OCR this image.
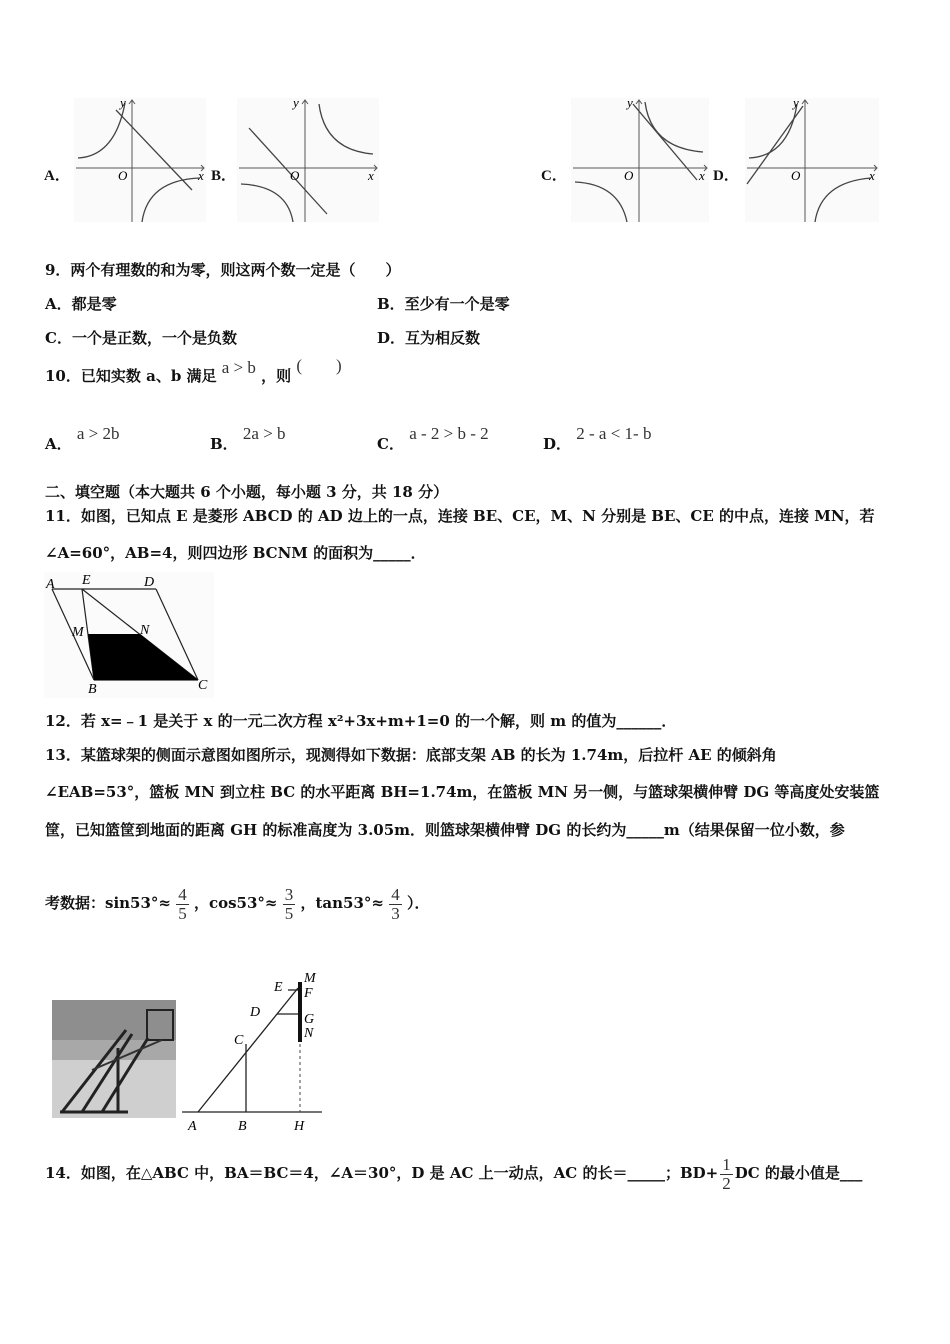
A．
y
x
O	B．
y
x
O	C．
y
x
O	D．
y
x
O
9．两个有理数的和为零，则这两个数一定是（　　）
A．都是零	B．至少有一个是零
C．一个是正数，一个是负数	D．互为相反数
10．已知实数 a、b 满足 a > b ，则 (　　)
A． a > 2b
B． 2a > b
C． a - 2 > b - 2
D． 2 - a < 1- b
二、填空题（本大题共 6 个小题，每小题 3 分，共 18 分）
11．如图，已知点 E 是菱形 ABCD 的 AD 边上的一点，连接 BE、CE，M、N 分别是 BE、CE 的中点，连接 MN，若
∠A=60°，AB=4，则四边形 BCNM 的面积为_____．
A E	D
M	N
B	C
12．若 x=﹣1 是关于 x 的一元二次方程 x²+3x+m+1=0 的一个解，则 m 的值为______．
13．某篮球架的侧面示意图如图所示，现测得如下数据：底部支架 AB 的长为 1.74m，后拉杆 AE 的倾斜角
∠EAB=53°，篮板 MN 到立柱 BC 的水平距离 BH=1.74m，在篮板 MN 另一侧，与篮球架横伸臂 DG 等高度处安装篮
筐，已知篮筐到地面的距离 GH 的标准高度为 3.05m．则篮球架横伸臂 DG 的长约为_____m（结果保留一位小数，参
考数据：$\sin 53^\circ\approx \frac{4}{5}$ ，$\cos 53^\circ\approx \frac{3}{5}$ ，$\tan 53^\circ\approx \frac{4}{3}$ ）．
E
M
F
D	G
N
C
A	B	H
14．如图，在△ABC 中，BA＝BC＝4，∠A＝30°，D 是 AC 上一动点，AC 的长＝_____；$BD+ \frac{1}{2}$ DC 的最小值是___
